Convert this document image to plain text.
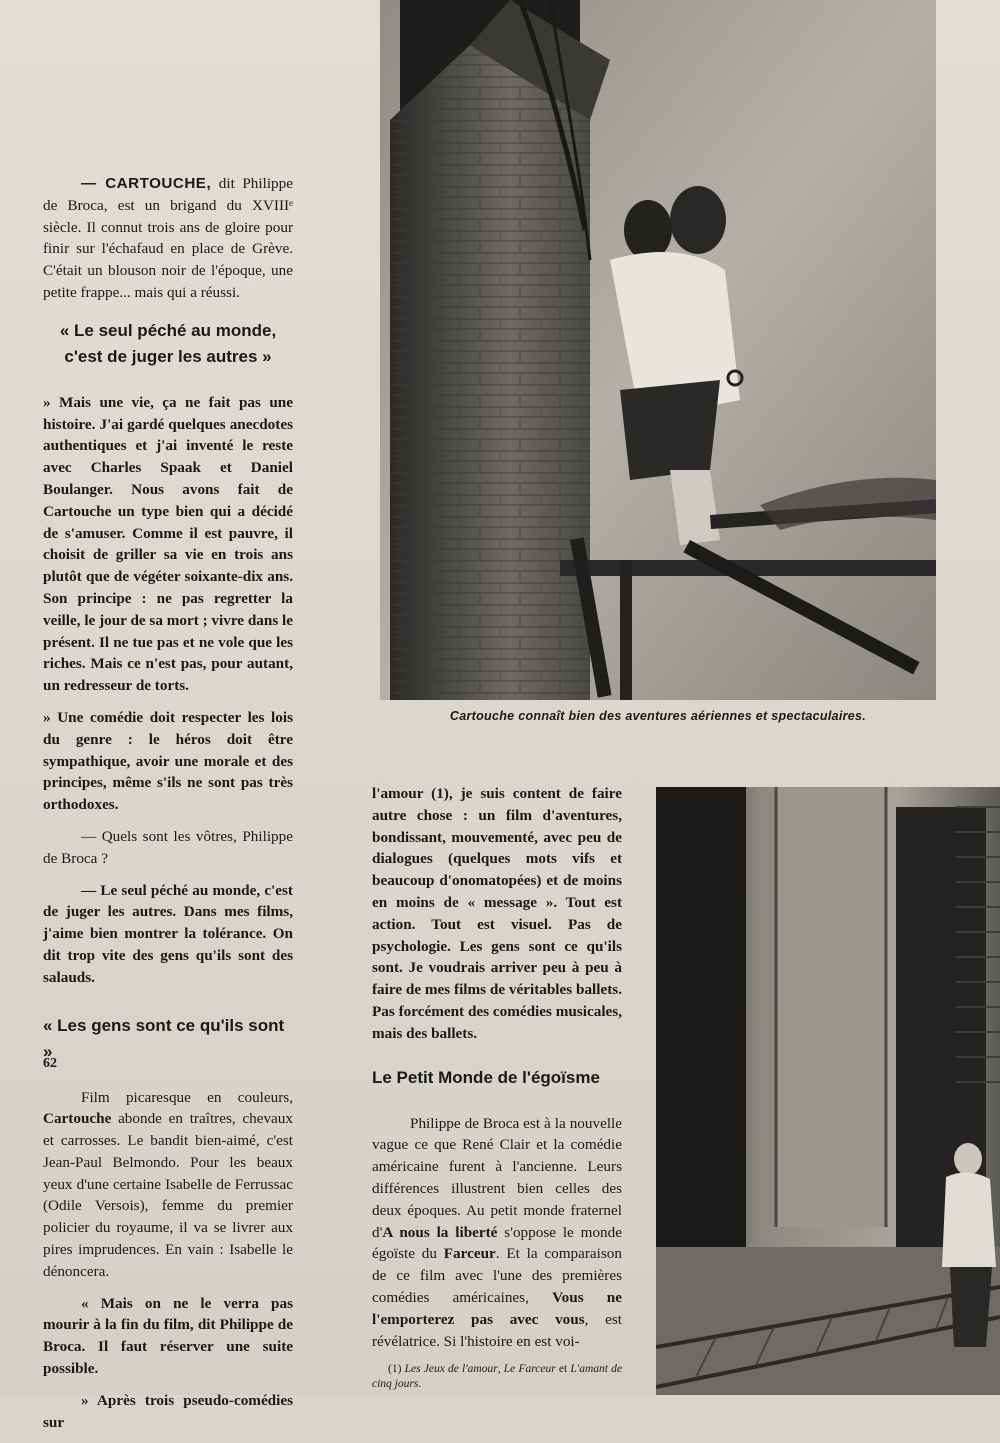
— CARTOUCHE, dit Philippe de Broca, est un brigand du XVIIIᵉ siècle. Il connut trois ans de gloire pour finir sur l'échafaud en place de Grève. C'était un blouson noir de l'époque, une petite frappe... mais qui a réussi.

« Le seul péché au monde, c'est de juger les autres »

» Mais une vie, ça ne fait pas une histoire. J'ai gardé quelques anecdotes authentiques et j'ai inventé le reste avec Charles Spaak et Daniel Boulanger. Nous avons fait de Cartouche un type bien qui a décidé de s'amuser. Comme il est pauvre, il choisit de griller sa vie en trois ans plutôt que de végéter soixante-dix ans. Son principe : ne pas regretter la veille, le jour de sa mort ; vivre dans le présent. Il ne tue pas et ne vole que les riches. Mais ce n'est pas, pour autant, un redresseur de torts.

» Une comédie doit respecter les lois du genre : le héros doit être sympathique, avoir une morale et des principes, même s'ils ne sont pas très orthodoxes.

— Quels sont les vôtres, Philippe de Broca ?

— Le seul péché au monde, c'est de juger les autres. Dans mes films, j'aime bien montrer la tolérance. On dit trop vite des gens qu'ils sont des salauds.

« Les gens sont ce qu'ils sont »

Film picaresque en couleurs, Cartouche abonde en traîtres, chevaux et carrosses. Le bandit bien-aimé, c'est Jean-Paul Belmondo. Pour les beaux yeux d'une certaine Isabelle de Ferrussac (Odile Versois), femme du premier policier du royaume, il va se livrer aux pires imprudences. En vain : Isabelle le dénoncera.

« Mais on ne le verra pas mourir à la fin du film, dit Philippe de Broca. Il faut réserver une suite possible.

» Après trois pseudo-comédies sur

62

l'amour (1), je suis content de faire autre chose : un film d'aventures, bondissant, mouvementé, avec peu de dialogues (quelques mots vifs et beaucoup d'onomatopées) et de moins en moins de « message ». Tout est action. Tout est visuel. Pas de psychologie. Les gens sont ce qu'ils sont. Je voudrais arriver peu à peu à faire de mes films de véritables ballets. Pas forcément des comédies musicales, mais des ballets.

Le Petit Monde de l'égoïsme

Philippe de Broca est à la nouvelle vague ce que René Clair et la comédie américaine furent à l'ancienne. Leurs différences illustrent bien celles des deux époques. Au petit monde fraternel d'A nous la liberté s'oppose le monde égoïste du Farceur. Et la comparaison de ce film avec l'une des premières comédies américaines, Vous ne l'emporterez pas avec vous, est révélatrice. Si l'histoire en est voi-

(1) Les Jeux de l'amour, Le Farceur et L'amant de cinq jours.

Cartouche connaît bien des aventures aériennes et spectaculaires.
